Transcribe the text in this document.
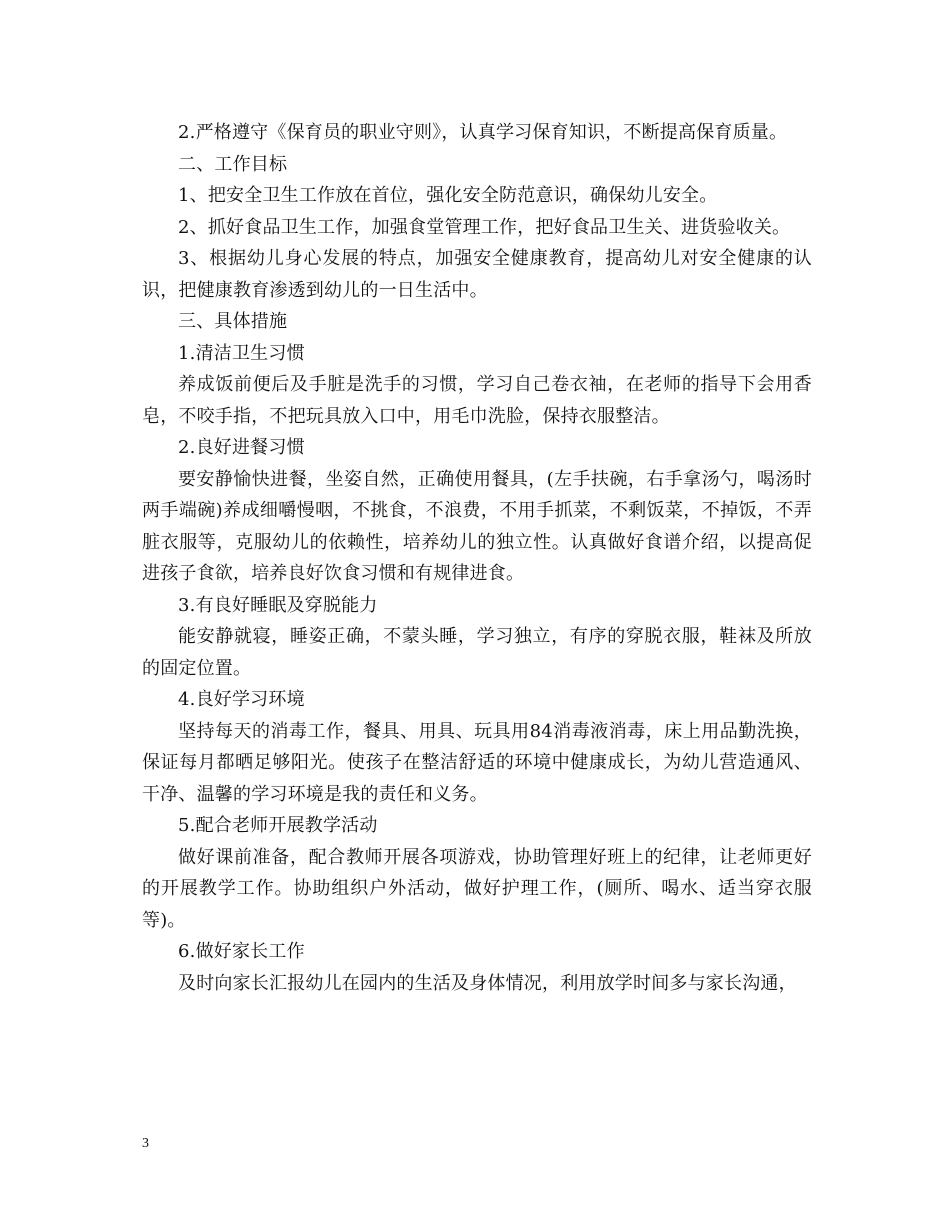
2.严格遵守《保育员的职业守则》，认真学习保育知识，不断提高保育质量。

二、工作目标

1、把安全卫生工作放在首位，强化安全防范意识，确保幼儿安全。

2、抓好食品卫生工作，加强食堂管理工作，把好食品卫生关、进货验收关。

3、根据幼儿身心发展的特点，加强安全健康教育，提高幼儿对安全健康的认识，把健康教育渗透到幼儿的一日生活中。

三、具体措施

1.清洁卫生习惯

养成饭前便后及手脏是洗手的习惯，学习自己卷衣袖，在老师的指导下会用香皂，不咬手指，不把玩具放入口中，用毛巾洗脸，保持衣服整洁。

2.良好进餐习惯

要安静愉快进餐，坐姿自然，正确使用餐具，(左手扶碗，右手拿汤勺，喝汤时两手端碗)养成细嚼慢咽，不挑食，不浪费，不用手抓菜，不剩饭菜，不掉饭，不弄脏衣服等，克服幼儿的依赖性，培养幼儿的独立性。认真做好食谱介绍，以提高促进孩子食欲，培养良好饮食习惯和有规律进食。

3.有良好睡眠及穿脱能力

能安静就寝，睡姿正确，不蒙头睡，学习独立，有序的穿脱衣服，鞋袜及所放的固定位置。

4.良好学习环境

坚持每天的消毒工作，餐具、用具、玩具用84消毒液消毒，床上用品勤洗换，保证每月都晒足够阳光。使孩子在整洁舒适的环境中健康成长，为幼儿营造通风、干净、温馨的学习环境是我的责任和义务。

5.配合老师开展教学活动

做好课前准备，配合教师开展各项游戏，协助管理好班上的纪律，让老师更好的开展教学工作。协助组织户外活动，做好护理工作，(厕所、喝水、适当穿衣服等)。

6.做好家长工作

及时向家长汇报幼儿在园内的生活及身体情况，利用放学时间多与家长沟通，

3
